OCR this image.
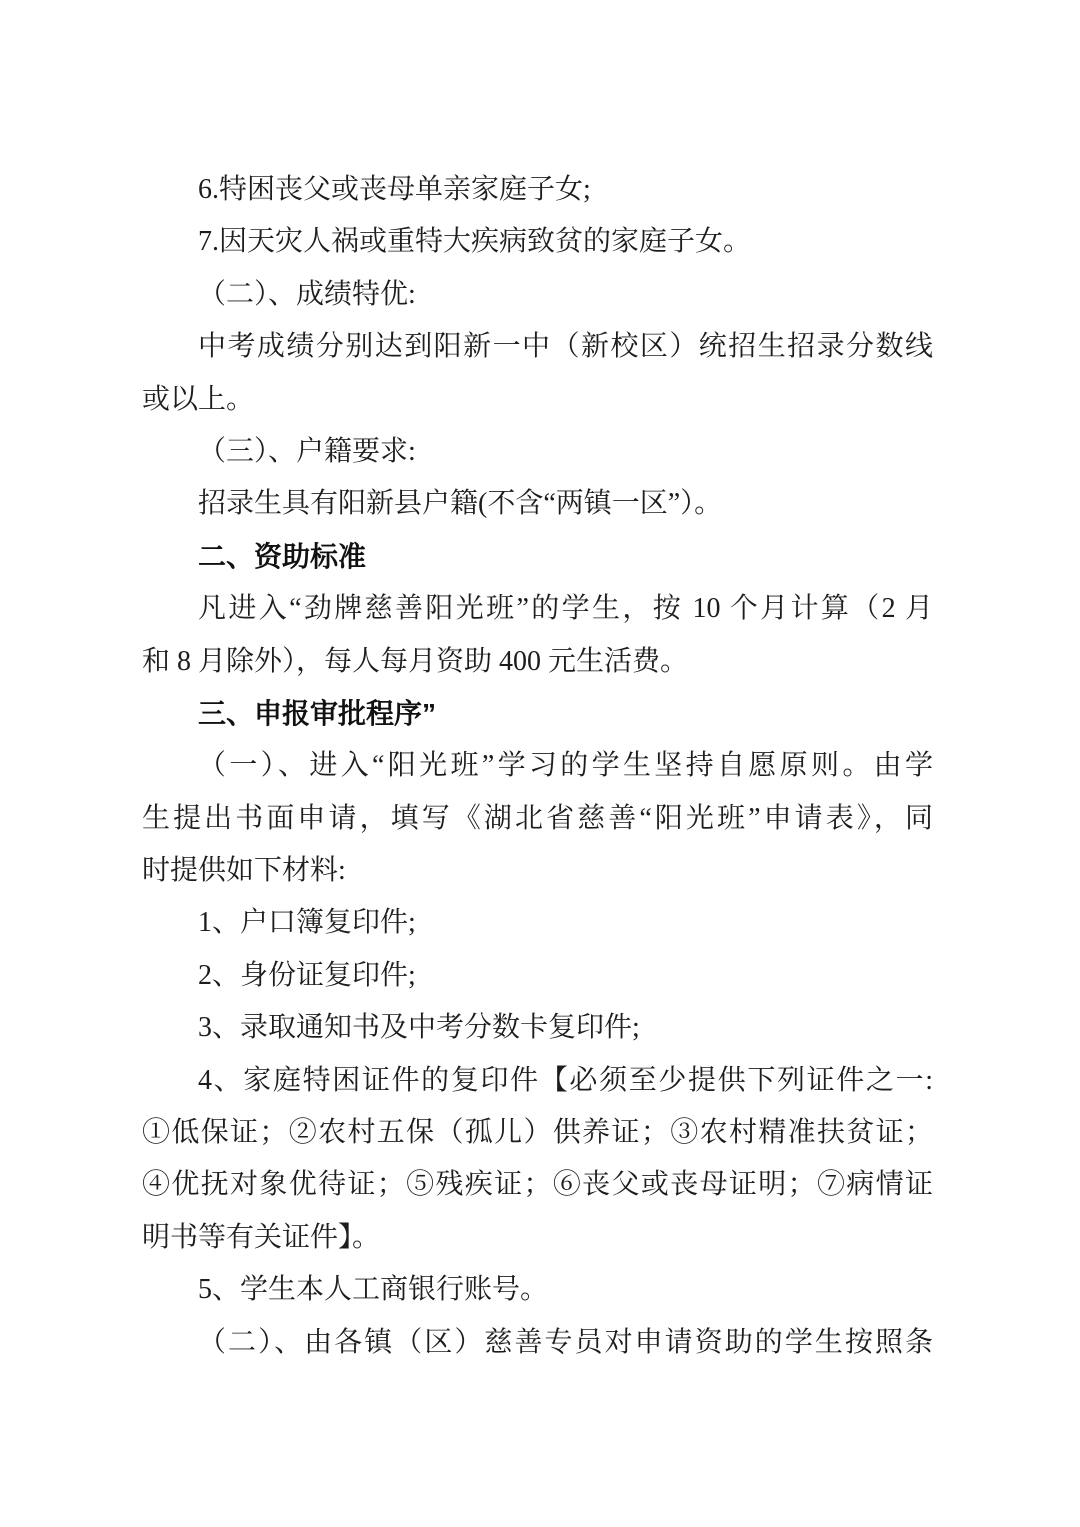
6.特困丧父或丧母单亲家庭子女;
7.因天灾人祸或重特大疾病致贫的家庭子女。
（二）、成绩特优:
中考成绩分别达到阳新一中（新校区）统招生招录分数线
或以上。
（三）、户籍要求:
招录生具有阳新县户籍(不含“两镇一区”）。
二、资助标准
凡进入“劲牌慈善阳光班”的学生，按 10 个月计算（2 月
和 8 月除外），每人每月资助 400 元生活费。
三、申报审批程序”
（一）、进入“阳光班”学习的学生坚持自愿原则。由学
生提出书面申请，填写《湖北省慈善“阳光班”申请表》，同
时提供如下材料:
1、户口簿复印件;
2、身份证复印件;
3、录取通知书及中考分数卡复印件;
4、家庭特困证件的复印件【必须至少提供下列证件之一:
①低保证；②农村五保（孤儿）供养证；③农村精准扶贫证；
④优抚对象优待证；⑤残疾证；⑥丧父或丧母证明；⑦病情证
明书等有关证件】。
5、学生本人工商银行账号。
（二）、由各镇（区）慈善专员对申请资助的学生按照条
